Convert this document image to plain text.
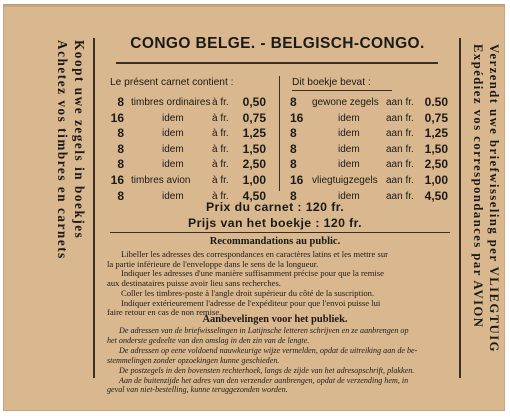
Achetez vos timbres en carnets Koopt uwe zegels in boekjes	Expédiez vos correspondances par AVION Verzendt uwe briefwisseling per VLIEGTUIG
CONGO BELGE. - BELGISCH-CONGO.
Le présent carnet contient :	Dit boekje bevat :
8 timbres ordinaires à fr.	0,50
16	idem	à fr.	0,75
8	idem	à fr.	1,25
8	idem	à fr.	1,50
8	idem	à fr.	2,50
16 timbres avion à fr.	1,00
8	idem	à fr.	4,50
8	gewone zegels aan fr. 0.50
16	idem	aan fr. 0,75
8	idem	aan fr. 1,25
8	idem	aan fr. 1,50
8	idem	aan fr. 2,50
16 vliegtuigzegels aan fr. 1,00
8	idem	aan fr. 4,50
Prix du carnet : 120 fr.
Prijs van het boekje : 120 fr.
Recommandations au public.
Libeller les adresses des correspondances en caractères latins et les mettre sur
la partie inférieure de l'enveloppe dans le sens de la longueur.
Indiquer les adresses d'une manière suffisamment précise pour que la remise
aux destinataires puisse avoir lieu sans recherches.
Coller les timbres-poste à l'angle droit supérieur du côté de la suscription.
Indiquer extérieurement l'adresse de l'expéditeur pour que l'envoi puisse lui
faire retour en cas de non remise.
Aanbevelingen voor het publiek.
De adressen van de briefwisselingen in Latijnsche letteren schrijven en ze aanbrengen op
het onderste gedeelte van den omslag in den zin van de lengte.
De adressen op eene voldoend nauwkeurige wijze vermelden, opdat de uitreiking aan de be-
stemmelingen zonder opzoekingen kunne geschieden.
De postzegels in den bovensten rechterhoek, langs de zijde van het adresopschrift, plakken.
Aan de buitenzijde het adres van den verzender aanbrengen, opdat de verzending hem, in
geval van niet-bestelling, kunne teruggezonden worden.
